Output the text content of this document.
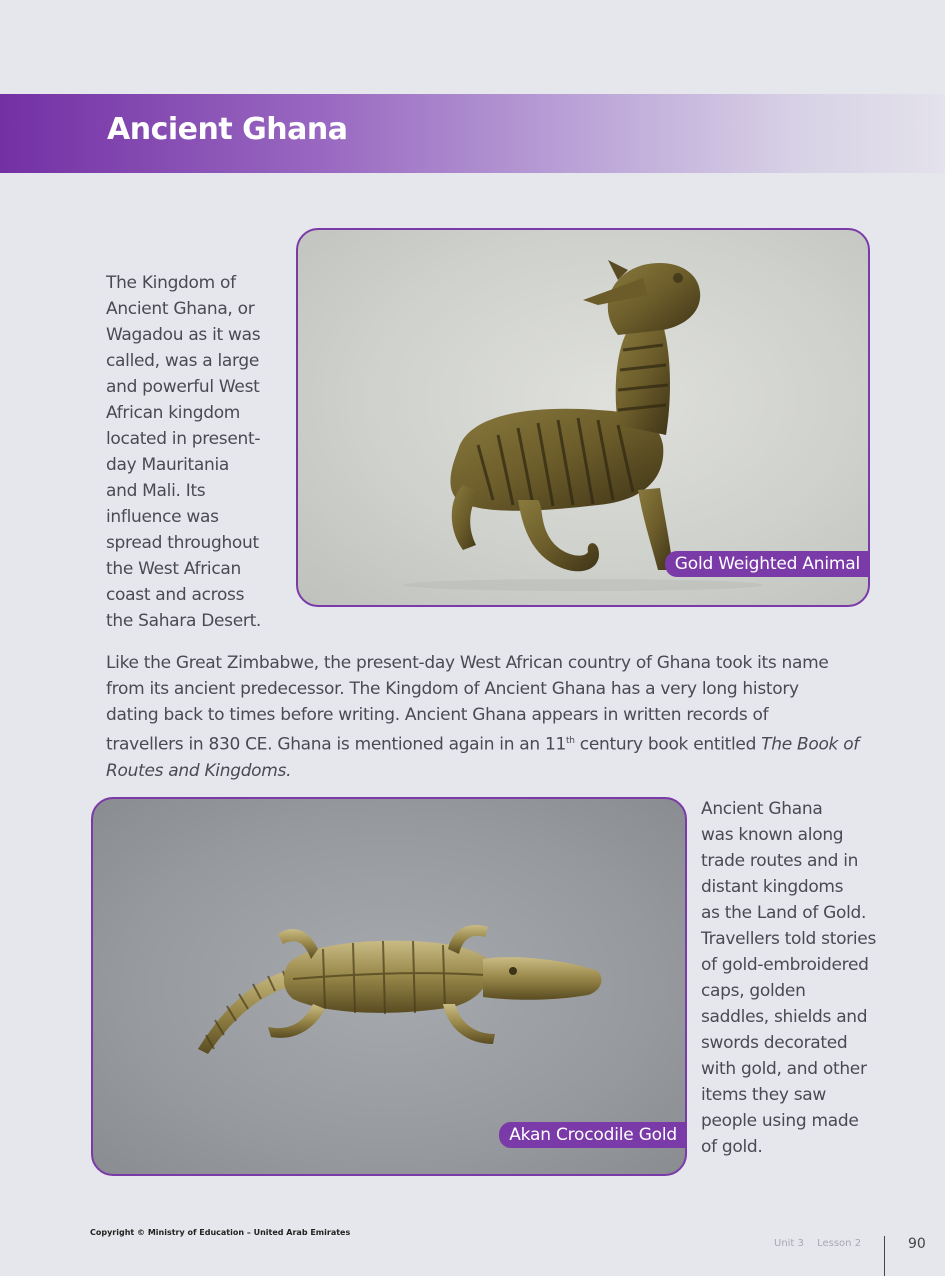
Ancient Ghana

The Kingdom of

Ancient Ghana, or

Wagadou as it was

called, was a large

and powerful West

African kingdom

located in present-

day Mauritania

and Mali. Its

influence was

spread throughout

the West African

coast and across

the Sahara Desert.

Gold Weighted Animal

Like the Great Zimbabwe, the present-day West African country of Ghana took its name

from its ancient predecessor. The Kingdom of Ancient Ghana has a very long history

dating back to times before writing. Ancient Ghana appears in written records of

travellers in 830 CE. Ghana is mentioned again in an 11th century book entitled The Book of

Routes and Kingdoms.

Akan Crocodile Gold

Ancient Ghana

was known along

trade routes and in

distant kingdoms

as the Land of Gold.

Travellers told stories

of gold-embroidered

caps, golden

saddles, shields and

swords decorated

with gold, and other

items they saw

people using made

of gold.

Copyright © Ministry of Education – United Arab Emirates
Unit 3 Lesson 2	90
